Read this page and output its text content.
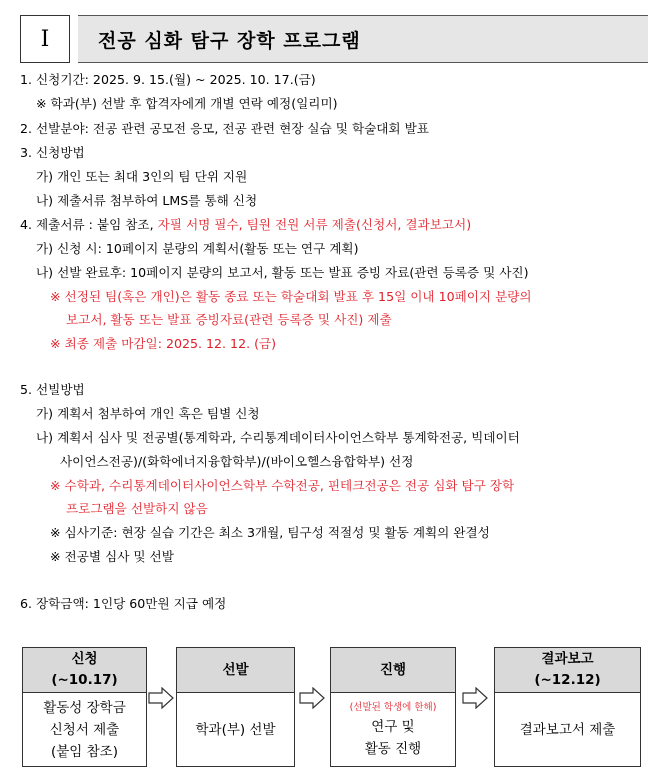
Ⅰ	전공 심화 탐구 장학 프로그램
1. 신청기간: 2025. 9. 15.(월) ~ 2025. 10. 17.(금)
※ 학과(부) 선발 후 합격자에게 개별 연락 예정(일리미)
2. 선발분야: 전공 관련 공모전 응모, 전공 관련 현장 실습 및 학술대회 발표
3. 신청방법
가) 개인 또는 최대 3인의 팀 단위 지원
나) 제출서류 첨부하여 LMS를 통해 신청
4. 제출서류 : 붙임 참조, 자필 서명 필수, 팀원 전원 서류 제출(신청서, 결과보고서)
가) 신청 시: 10페이지 분량의 계획서(활동 또는 연구 계획)
나) 선발 완료후: 10페이지 분량의 보고서, 활동 또는 발표 증빙 자료(관련 등록증 및 사진)
※ 선정된 팀(혹은 개인)은 활동 종료 또는 학술대회 발표 후 15일 이내 10페이지 분량의
보고서, 활동 또는 발표 증빙자료(관련 등록증 및 사진) 제출
※ 최종 제출 마감일: 2025. 12. 12. (금)
5. 선빌방법
가) 계획서 첨부하여 개인 혹은 팀별 신청
나) 계획서 심사 및 전공별(통계학과, 수리통계데이터사이언스학부 통계학전공, 빅데이터
사이언스전공)/(화학에너지융합학부)/(바이오헬스융합학부) 선정
※ 수학과, 수리통계데이터사이언스학부 수학전공, 핀테크전공은 전공 심화 탐구 장학
프로그램을 선발하지 않음
※ 심사기준: 현장 실습 기간은 최소 3개월, 팀구성 적절성 및 활동 계획의 완결성
※ 전공별 심사 및 선발
6. 장학금액: 1인당 60만원 지급 예정
신청
(~10.17)
활동성 장학금
신청서 제출
(붙임 참조)
선발
학과(부) 선발
진행
(선발된 학생에 한해)
연구 및
활동 진행
결과보고
(~12.12)
결과보고서 제출
